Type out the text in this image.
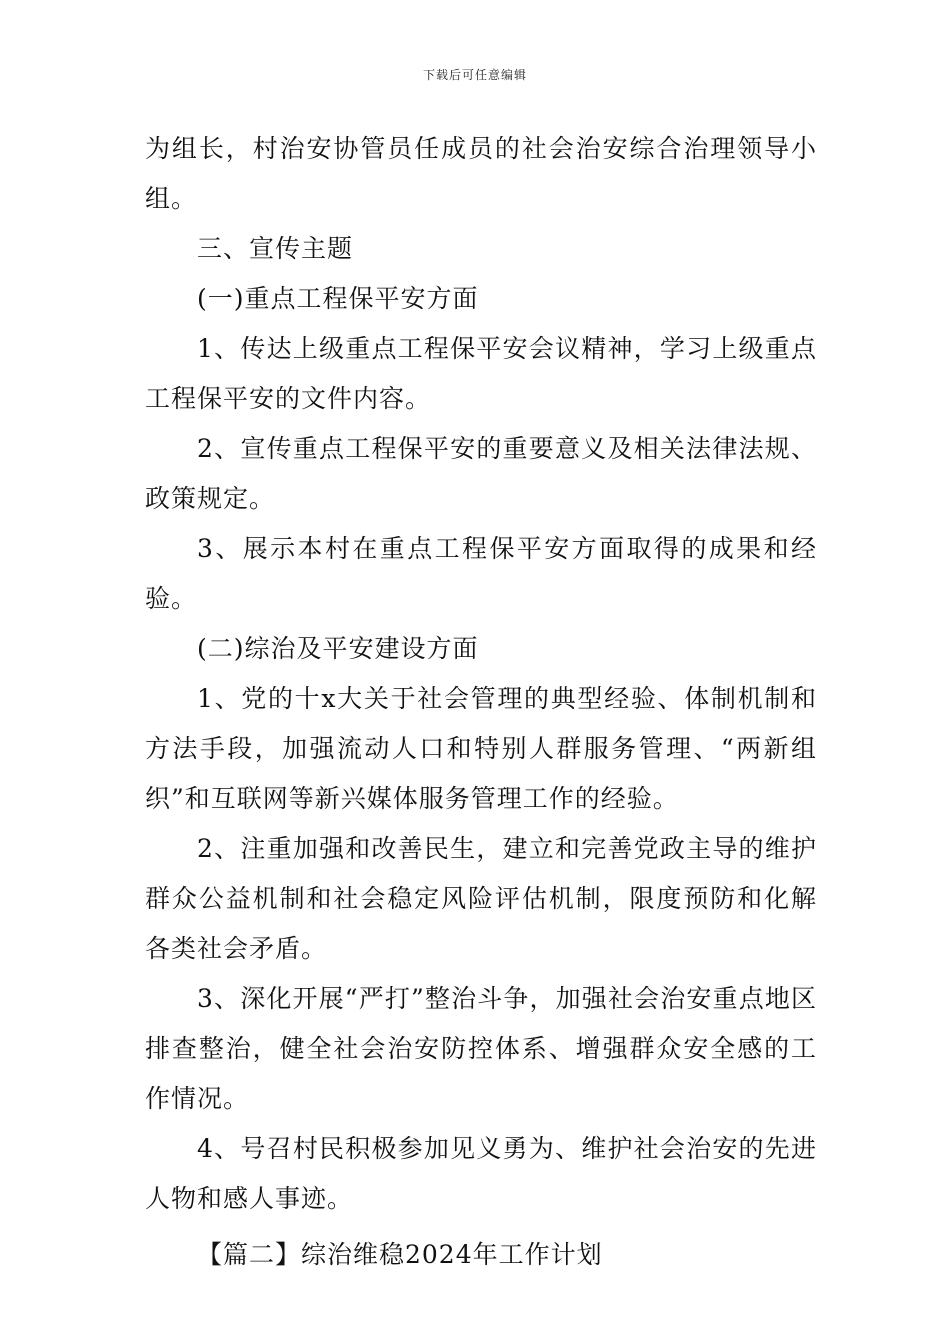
下载后可任意编辑

为组长，村治安协管员任成员的社会治安综合治理领导小组。

三、宣传主题

(一)重点工程保平安方面

1、传达上级重点工程保平安会议精神，学习上级重点工程保平安的文件内容。

2、宣传重点工程保平安的重要意义及相关法律法规、政策规定。

3、展示本村在重点工程保平安方面取得的成果和经验。

(二)综治及平安建设方面

1、党的十x大关于社会管理的典型经验、体制机制和方法手段，加强流动人口和特别人群服务管理、“两新组织”和互联网等新兴媒体服务管理工作的经验。

2、注重加强和改善民生，建立和完善党政主导的维护群众公益机制和社会稳定风险评估机制，限度预防和化解各类社会矛盾。

3、深化开展“严打”整治斗争，加强社会治安重点地区排查整治，健全社会治安防控体系、增强群众安全感的工作情况。

4、号召村民积极参加见义勇为、维护社会治安的先进人物和感人事迹。

【篇二】综治维稳2024年工作计划
